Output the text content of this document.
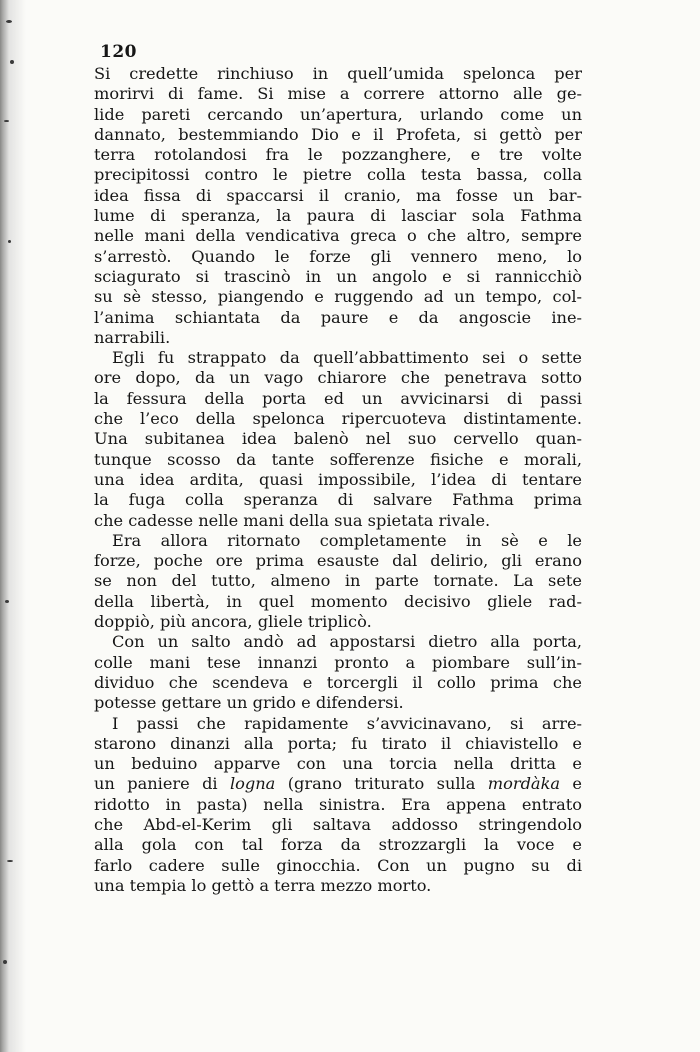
120
Si credette rinchiuso in quell’umida spelonca per
morirvi di fame. Si mise a correre attorno alle ge-
lide pareti cercando un’apertura, urlando come un
dannato, bestemmiando Dio e il Profeta, si gettò per
terra rotolandosi fra le pozzanghere, e tre volte
precipitossi contro le pietre colla testa bassa, colla
idea fissa di spaccarsi il cranio, ma fosse un bar-
lume di speranza, la paura di lasciar sola Fathma
nelle mani della vendicativa greca o che altro, sempre
s’arrestò. Quando le forze gli vennero meno, lo
sciagurato si trascinò in un angolo e si rannicchiò
su sè stesso, piangendo e ruggendo ad un tempo, col-
l’anima schiantata da paure e da angoscie ine-
narrabili.
Egli fu strappato da quell’abbattimento sei o sette
ore dopo, da un vago chiarore che penetrava sotto
la fessura della porta ed un avvicinarsi di passi
che l’eco della spelonca ripercuoteva distintamente.
Una subitanea idea balenò nel suo cervello quan-
tunque scosso da tante sofferenze fisiche e morali,
una idea ardita, quasi impossibile, l’idea di tentare
la fuga colla speranza di salvare Fathma prima
che cadesse nelle mani della sua spietata rivale.
Era allora ritornato completamente in sè e le
forze, poche ore prima esauste dal delirio, gli erano
se non del tutto, almeno in parte tornate. La sete
della libertà, in quel momento decisivo gliele rad-
doppiò, più ancora, gliele triplicò.
Con un salto andò ad appostarsi dietro alla porta,
colle mani tese innanzi pronto a piombare sull’in-
dividuo che scendeva e torcergli il collo prima che
potesse gettare un grido e difendersi.
I passi che rapidamente s’avvicinavano, si arre-
starono dinanzi alla porta; fu tirato il chiavistello e
un beduino apparve con una torcia nella dritta e
un paniere di logna (grano triturato sulla mordàka e
ridotto in pasta) nella sinistra. Era appena entrato
che Abd-el-Kerim gli saltava addosso stringendolo
alla gola con tal forza da strozzargli la voce e
farlo cadere sulle ginocchia. Con un pugno su di
una tempia lo gettò a terra mezzo morto.
